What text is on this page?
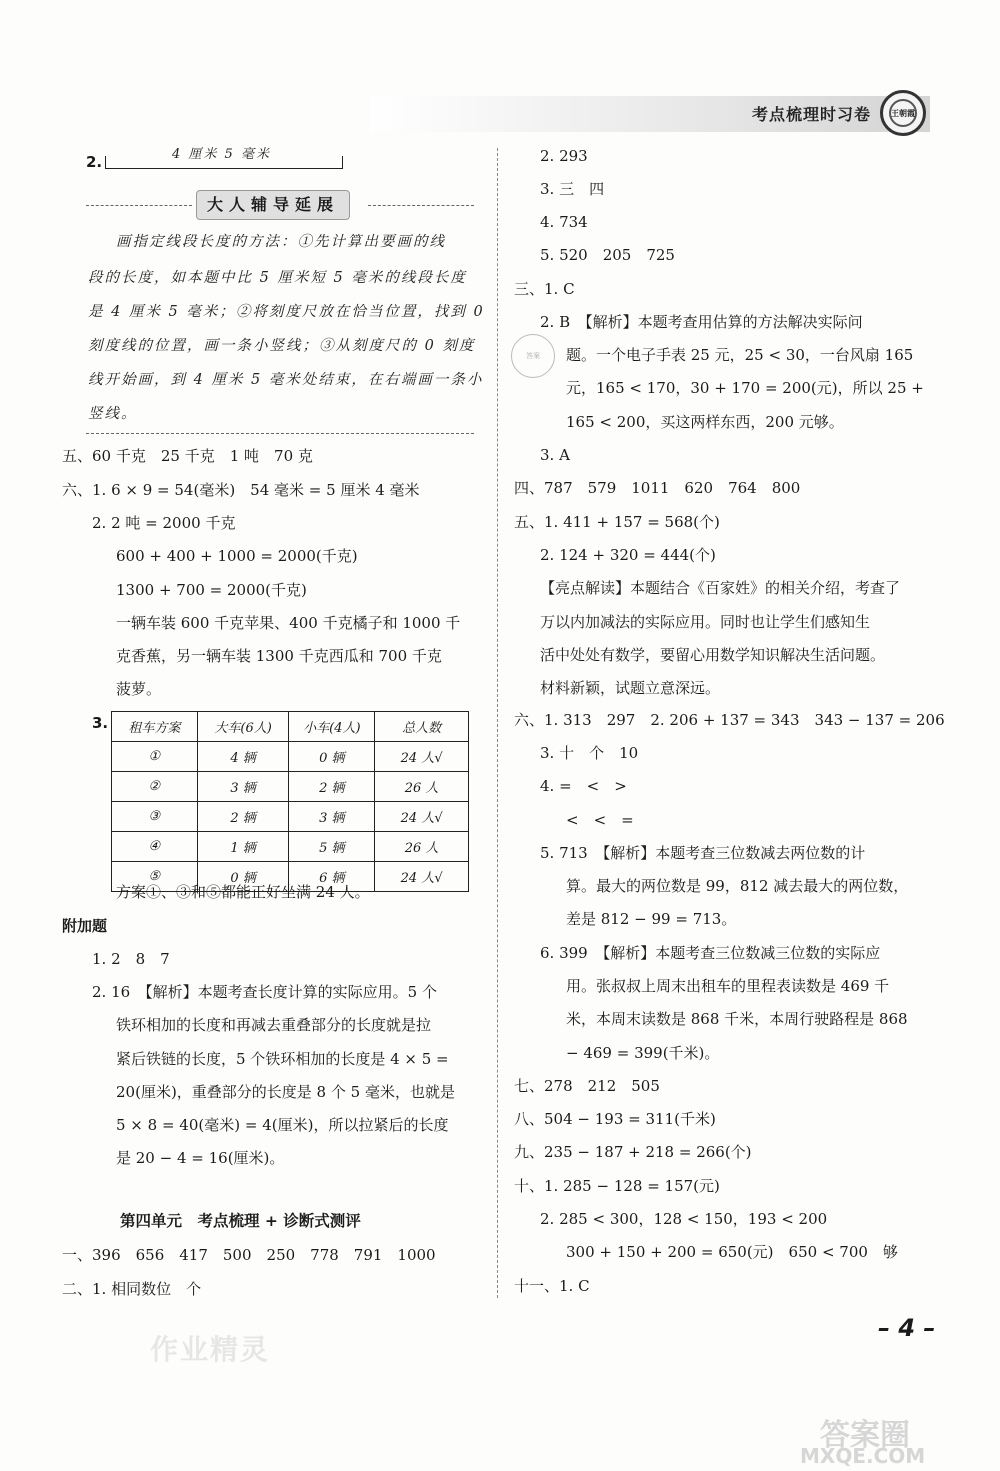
考点梳理时习卷 王朝霞
2.	4 厘米 5 毫米
大人辅导延展
画指定线段长度的方法：①先计算出要画的线
段的长度，如本题中比 5 厘米短 5 毫米的线段长度
是 4 厘米 5 毫米；②将刻度尺放在恰当位置，找到 0
刻度线的位置，画一条小竖线；③从刻度尺的 0 刻度
线开始画，到 4 厘米 5 毫米处结束，在右端画一条小
竖线。
五、60 千克　25 千克　1 吨　70 克
六、1. 6 × 9 = 54(毫米)　54 毫米 = 5 厘米 4 毫米
2. 2 吨 = 2000 千克
600 + 400 + 1000 = 2000(千克)
1300 + 700 = 2000(千克)
一辆车装 600 千克苹果、400 千克橘子和 1000 千
克香蕉，另一辆车装 1300 千克西瓜和 700 千克
菠萝。
3. 租车方案	大车(6人)	小车(4人)	总人数
①	4 辆	0 辆	24 人√
②	3 辆	2 辆	26 人
③	2 辆	3 辆	24 人√
④	1 辆	5 辆	26 人
⑤	0 辆	6 辆	24 人√
方案①、③和⑤都能正好坐满 24 人。
附加题
1. 2　8　7
2. 16　【解析】本题考查长度计算的实际应用。5 个
铁环相加的长度和再减去重叠部分的长度就是拉
紧后铁链的长度，5 个铁环相加的长度是 4 × 5 =
20(厘米)，重叠部分的长度是 8 个 5 毫米，也就是
5 × 8 = 40(毫米) = 4(厘米)，所以拉紧后的长度
是 20 − 4 = 16(厘米)。
第四单元　考点梳理 + 诊断式测评
一、396　656　417　500　250　778　791　1000
二、1. 相同数位　个
作业精灵
2. 293
3. 三　四
4. 734
5. 520　205　725
三、1. C
2. B　【解析】本题考查用估算的方法解决实际问
题。一个电子手表 25 元，25 < 30，一台风扇 165
元，165 < 170，30 + 170 = 200(元)，所以 25 +
165 < 200，买这两样东西，200 元够。
答案
3. A
四、787　579　1011　620　764　800
五、1. 411 + 157 = 568(个)
2. 124 + 320 = 444(个)
【亮点解读】本题结合《百家姓》的相关介绍，考查了
万以内加减法的实际应用。同时也让学生们感知生
活中处处有数学，要留心用数学知识解决生活问题。
材料新颖，试题立意深远。
六、1. 313　297　2. 206 + 137 = 343　343 − 137 = 206
3. 十　个　10
4. =　<　>
<　<　=
5. 713　【解析】本题考查三位数减去两位数的计
算。最大的两位数是 99，812 减去最大的两位数，
差是 812 − 99 = 713。
6. 399　【解析】本题考查三位数减三位数的实际应
用。张叔叔上周末出租车的里程表读数是 469 千
米，本周末读数是 868 千米，本周行驶路程是 868
− 469 = 399(千米)。
七、278　212　505
八、504 − 193 = 311(千米)
九、235 − 187 + 218 = 266(个)
十、1. 285 − 128 = 157(元)
2. 285 < 300，128 < 150，193 < 200
300 + 150 + 200 = 650(元)　650 < 700　够
十一、1. C
– 4 –
答案圈
MXQE.COM
